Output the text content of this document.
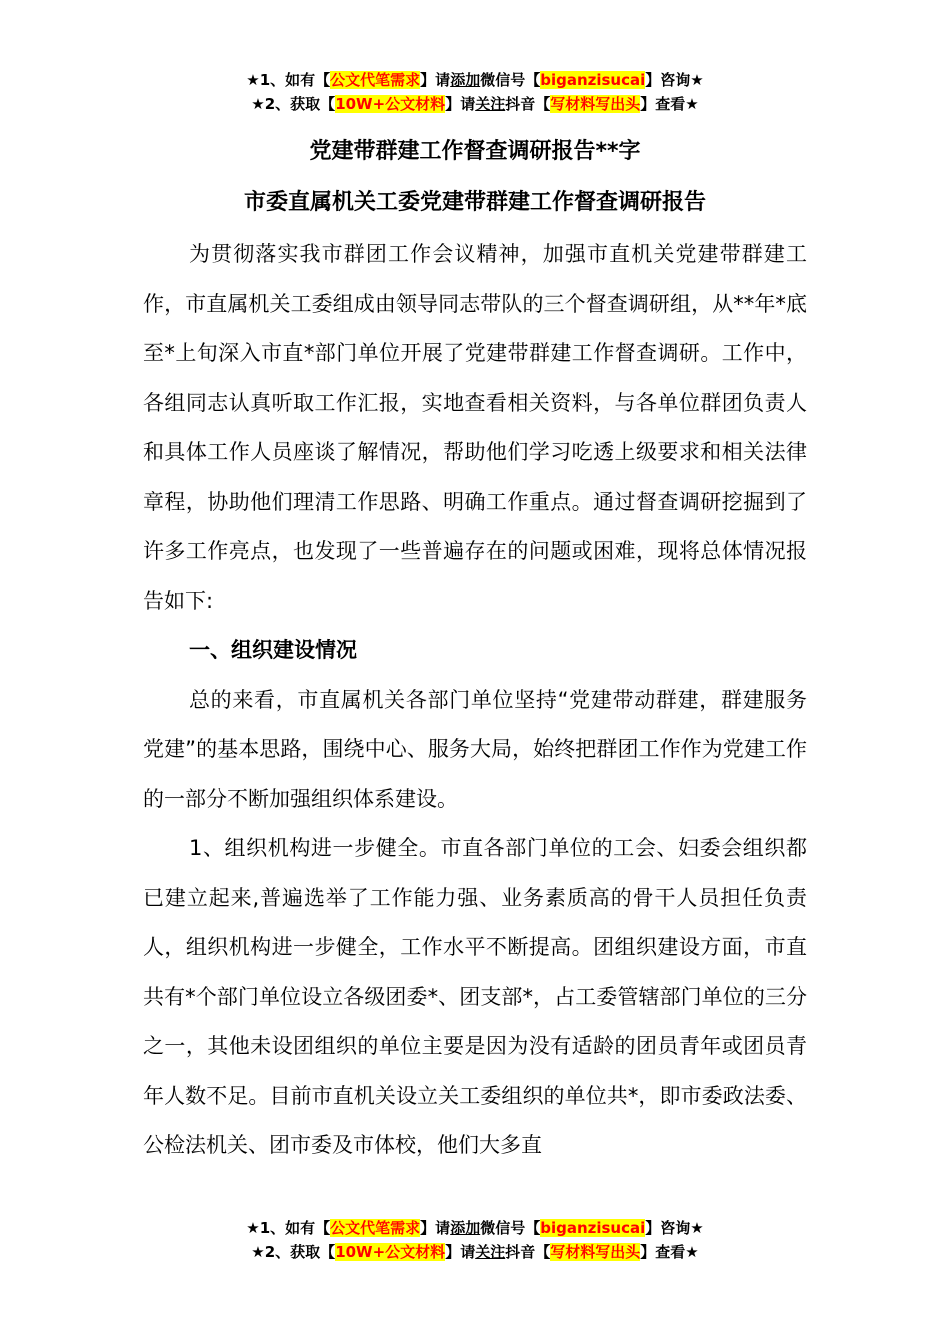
★1、如有【公文代笔需求】请添加微信号【biganzisucai】咨询★
★2、获取【10W+公文材料】请关注抖音【写材料写出头】查看★
党建带群建工作督查调研报告**字
市委直属机关工委党建带群建工作督查调研报告

为贯彻落实我市群团工作会议精神，加强市直机关党建带群建工作，市直属机关工委组成由领导同志带队的三个督查调研组，从**年*底至*上旬深入市直*部门单位开展了党建带群建工作督查调研。工作中，各组同志认真听取工作汇报，实地查看相关资料，与各单位群团负责人和具体工作人员座谈了解情况，帮助他们学习吃透上级要求和相关法律章程，协助他们理清工作思路、明确工作重点。通过督查调研挖掘到了许多工作亮点，也发现了一些普遍存在的问题或困难，现将总体情况报告如下:

一、组织建设情况

总的来看，市直属机关各部门单位坚持“党建带动群建，群建服务党建”的基本思路，围绕中心、服务大局，始终把群团工作作为党建工作的一部分不断加强组织体系建设。

1、组织机构进一步健全。市直各部门单位的工会、妇委会组织都已建立起来,普遍选举了工作能力强、业务素质高的骨干人员担任负责人，组织机构进一步健全，工作水平不断提高。团组织建设方面，市直共有*个部门单位设立各级团委*、团支部*，占工委管辖部门单位的三分之一，其他未设团组织的单位主要是因为没有适龄的团员青年或团员青年人数不足。目前市直机关设立关工委组织的单位共*，即市委政法委、公检法机关、团市委及市体校，他们大多直

★1、如有【公文代笔需求】请添加微信号【biganzisucai】咨询★
★2、获取【10W+公文材料】请关注抖音【写材料写出头】查看★
